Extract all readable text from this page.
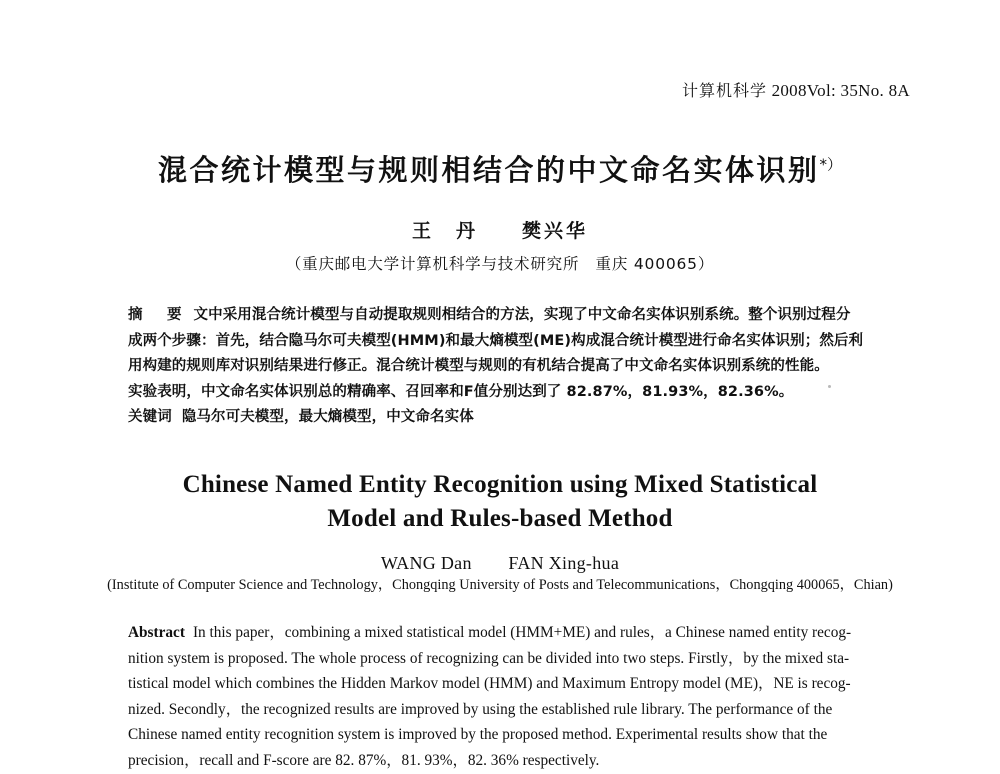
计算机科学 2008Vol: 35No. 8A
混合统计模型与规则相结合的中文命名实体识别*）
王　丹　　樊兴华
（重庆邮电大学计算机科学与技术研究所　重庆 400065）
摘　要 文中采用混合统计模型与自动提取规则相结合的方法，实现了中文命名实体识别系统。整个识别过程分
成两个步骤：首先，结合隐马尔可夫模型(HMM)和最大熵模型(ME)构成混合统计模型进行命名实体识别；然后利
用构建的规则库对识别结果进行修正。混合统计模型与规则的有机结合提高了中文命名实体识别系统的性能。
实验表明，中文命名实体识别总的精确率、召回率和F值分别达到了 82.87%，81.93%，82.36%。
关键词 隐马尔可夫模型，最大熵模型，中文命名实体
Chinese Named Entity Recognition using Mixed Statistical
Model and Rules-based Method
WANG Dan　　FAN Xing-hua
(Institute of Computer Science and Technology，Chongqing University of Posts and Telecommunications，Chongqing 400065，Chian)
Abstract In this paper，combining a mixed statistical model (HMM+ME) and rules，a Chinese named entity recog-
nition system is proposed. The whole process of recognizing can be divided into two steps. Firstly，by the mixed sta-
tistical model which combines the Hidden Markov model (HMM) and Maximum Entropy model (ME)，NE is recog-
nized. Secondly，the recognized results are improved by using the established rule library. The performance of the
Chinese named entity recognition system is improved by the proposed method. Experimental results show that the
precision，recall and F-score are 82. 87%，81. 93%，82. 36% respectively.
